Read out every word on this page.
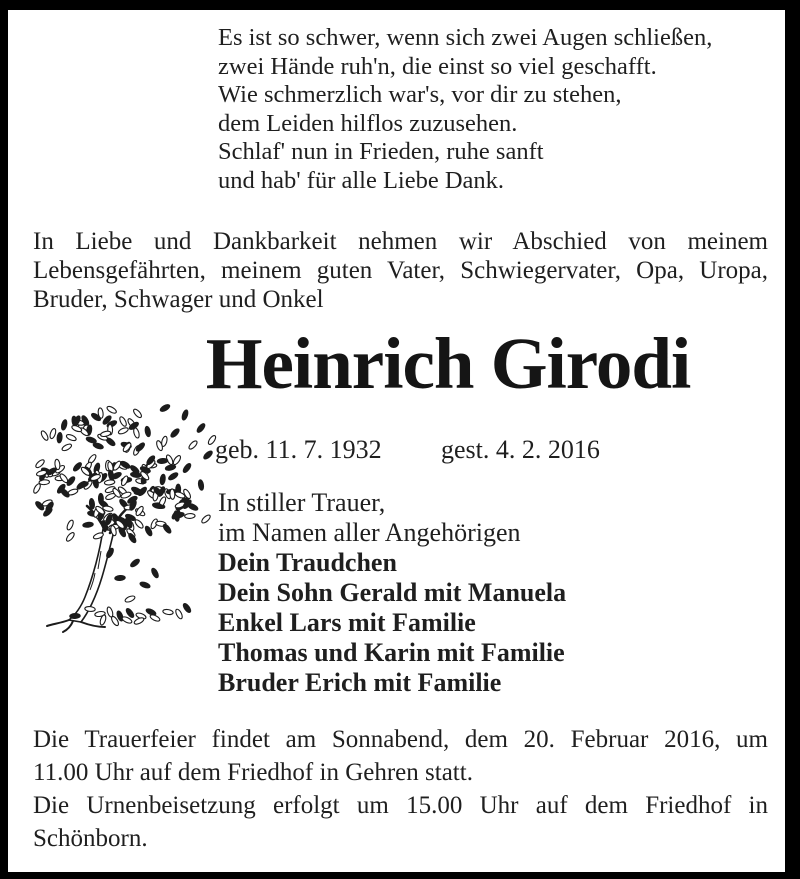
Es ist so schwer, wenn sich zwei Augen schließen,
zwei Hände ruh'n, die einst so viel geschafft.
Wie schmerzlich war's, vor dir zu stehen,
dem Leiden hilflos zuzusehen.
Schlaf' nun in Frieden, ruhe sanft
und hab' für alle Liebe Dank.
In Liebe und Dankbarkeit nehmen wir Abschied von meinem
Lebensgefährten, meinem guten Vater, Schwiegervater, Opa, Uropa,
Bruder, Schwager und Onkel
Heinrich Girodi
geb. 11. 7. 1932 gest. 4. 2. 2016
In stiller Trauer,
im Namen aller Angehörigen
Dein Traudchen
Dein Sohn Gerald mit Manuela
Enkel Lars mit Familie
Thomas und Karin mit Familie
Bruder Erich mit Familie
Die Trauerfeier findet am Sonnabend, dem 20. Februar 2016, um
11.00 Uhr auf dem Friedhof in Gehren statt.
Die Urnenbeisetzung erfolgt um 15.00 Uhr auf dem Friedhof in
Schönborn.
